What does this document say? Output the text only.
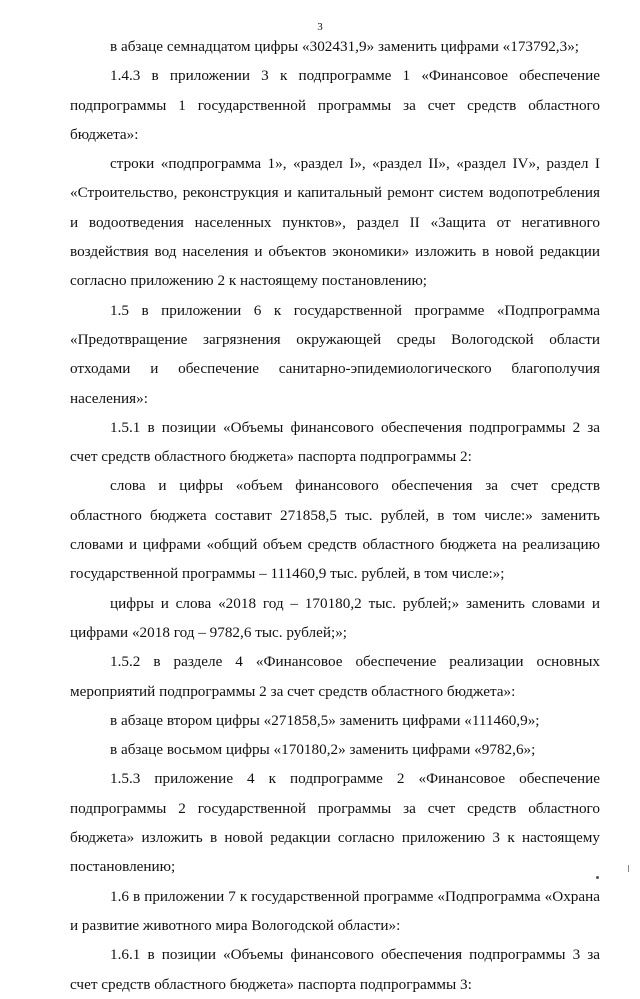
3

в абзаце семнадцатом цифры «302431,9» заменить цифрами «173792,3»;

1.4.3 в приложении 3 к подпрограмме 1 «Финансовое обеспечение подпрограммы 1 государственной программы за счет средств областного бюджета»:

строки «подпрограмма 1», «раздел I», «раздел II», «раздел IV», раздел I «Строительство, реконструкция и капитальный ремонт систем водопотребления и водоотведения населенных пунктов», раздел II «Защита от негативного воздействия вод населения и объектов экономики» изложить в новой редакции согласно приложению 2 к настоящему постановлению;

1.5 в приложении 6 к государственной программе «Подпрограмма «Предотвращение загрязнения окружающей среды Вологодской области отходами и обеспечение санитарно-эпидемиологического благополучия населения»:

1.5.1 в позиции «Объемы финансового обеспечения подпрограммы 2 за счет средств областного бюджета» паспорта подпрограммы 2:

слова и цифры «объем финансового обеспечения за счет средств областного бюджета составит 271858,5 тыс. рублей, в том числе:» заменить словами и цифрами «общий объем средств областного бюджета на реализацию государственной программы – 111460,9 тыс. рублей, в том числе:»;

цифры и слова «2018 год – 170180,2 тыс. рублей;» заменить словами и цифрами «2018 год – 9782,6 тыс. рублей;»;

1.5.2 в разделе 4 «Финансовое обеспечение реализации основных мероприятий подпрограммы 2 за счет средств областного бюджета»:

в абзаце втором цифры «271858,5» заменить цифрами «111460,9»;

в абзаце восьмом цифры «170180,2» заменить цифрами «9782,6»;

1.5.3 приложение 4 к подпрограмме 2 «Финансовое обеспечение подпрограммы 2 государственной программы за счет средств областного бюджета» изложить в новой редакции согласно приложению 3 к настоящему постановлению;

1.6 в приложении 7 к государственной программе «Подпрограмма «Охрана и развитие животного мира Вологодской области»:

1.6.1 в позиции «Объемы финансового обеспечения подпрограммы 3 за счет средств областного бюджета» паспорта подпрограммы 3:
